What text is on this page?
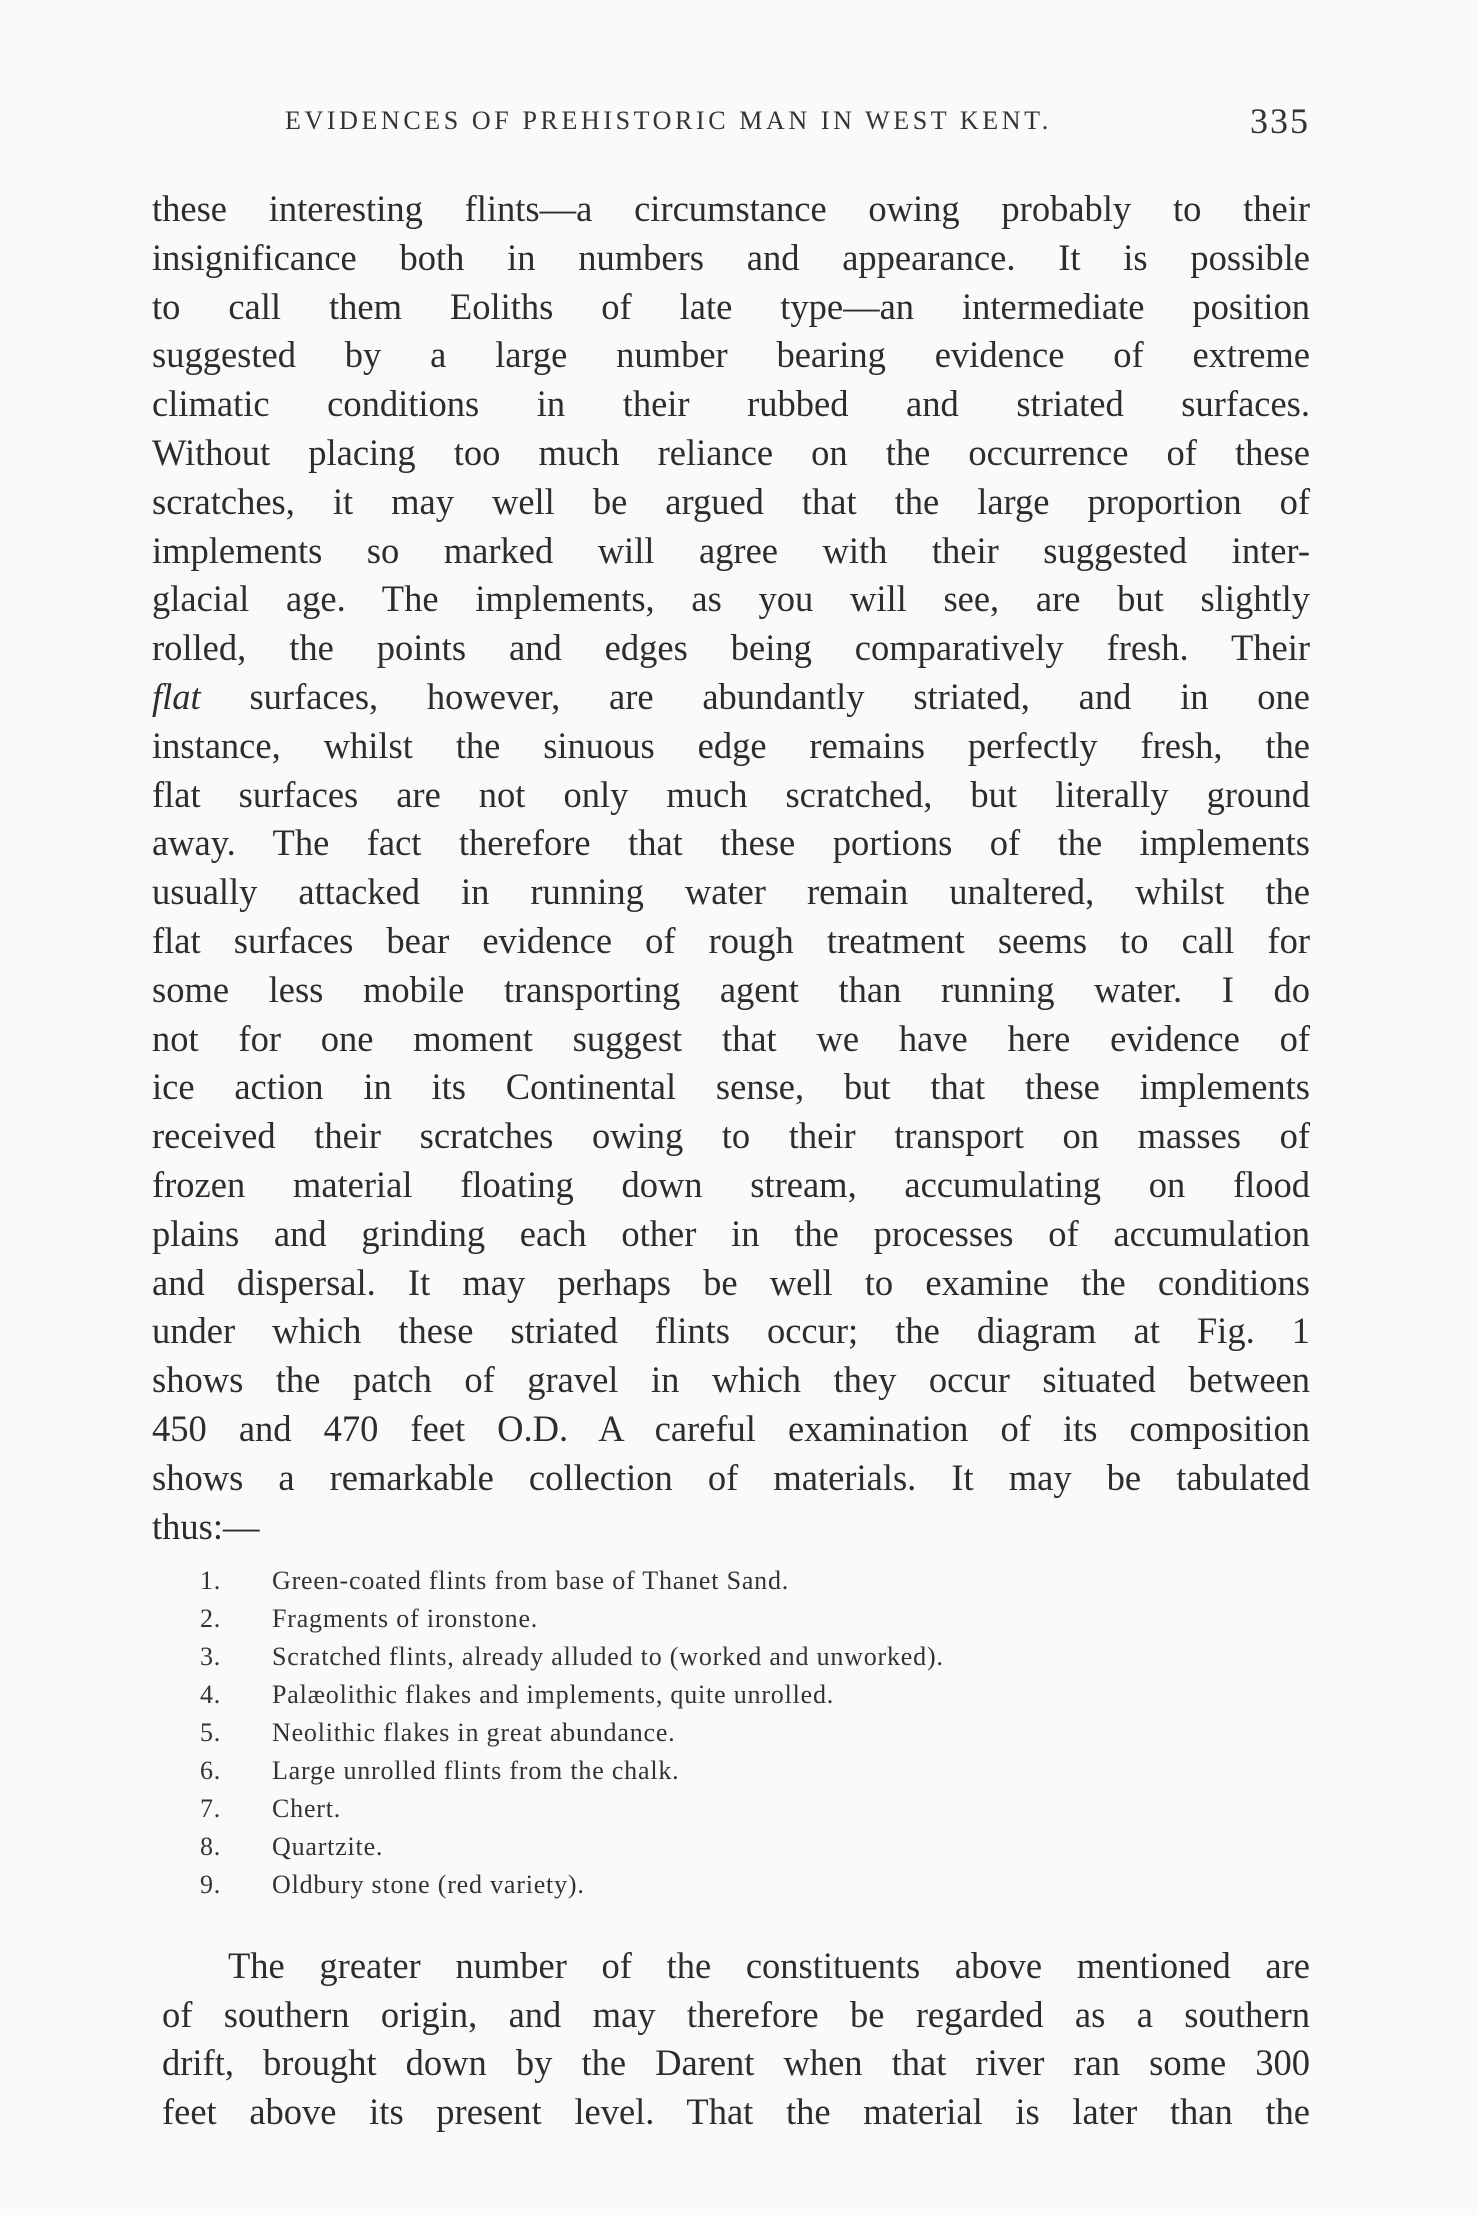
EVIDENCES OF PREHISTORIC MAN IN WEST KENT.	335
these interesting flints—a circumstance owing probably to their
insignificance both in numbers and appearance. It is possible
to call them Eoliths of late type—an intermediate position
suggested by a large number bearing evidence of extreme
climatic conditions in their rubbed and striated surfaces.
Without placing too much reliance on the occurrence of these
scratches, it may well be argued that the large proportion of
implements so marked will agree with their suggested inter-
glacial age. The implements, as you will see, are but slightly
rolled, the points and edges being comparatively fresh. Their
flat surfaces, however, are abundantly striated, and in one
instance, whilst the sinuous edge remains perfectly fresh, the
flat surfaces are not only much scratched, but literally ground
away. The fact therefore that these portions of the implements
usually attacked in running water remain unaltered, whilst the
flat surfaces bear evidence of rough treatment seems to call for
some less mobile transporting agent than running water. I do
not for one moment suggest that we have here evidence of
ice action in its Continental sense, but that these implements
received their scratches owing to their transport on masses of
frozen material floating down stream, accumulating on flood
plains and grinding each other in the processes of accumulation
and dispersal. It may perhaps be well to examine the conditions
under which these striated flints occur; the diagram at Fig. 1
shows the patch of gravel in which they occur situated between
450 and 470 feet O.D. A careful examination of its composition
shows a remarkable collection of materials. It may be tabulated
thus:—
1.	Green-coated flints from base of Thanet Sand.
2.	Fragments of ironstone.
3.	Scratched flints, already alluded to (worked and unworked).
4.	Palæolithic flakes and implements, quite unrolled.
5.	Neolithic flakes in great abundance.
6.	Large unrolled flints from the chalk.
7.	Chert.
8.	Quartzite.
9.	Oldbury stone (red variety).
The greater number of the constituents above mentioned are
of southern origin, and may therefore be regarded as a southern
drift, brought down by the Darent when that river ran some 300
feet above its present level. That the material is later than the
